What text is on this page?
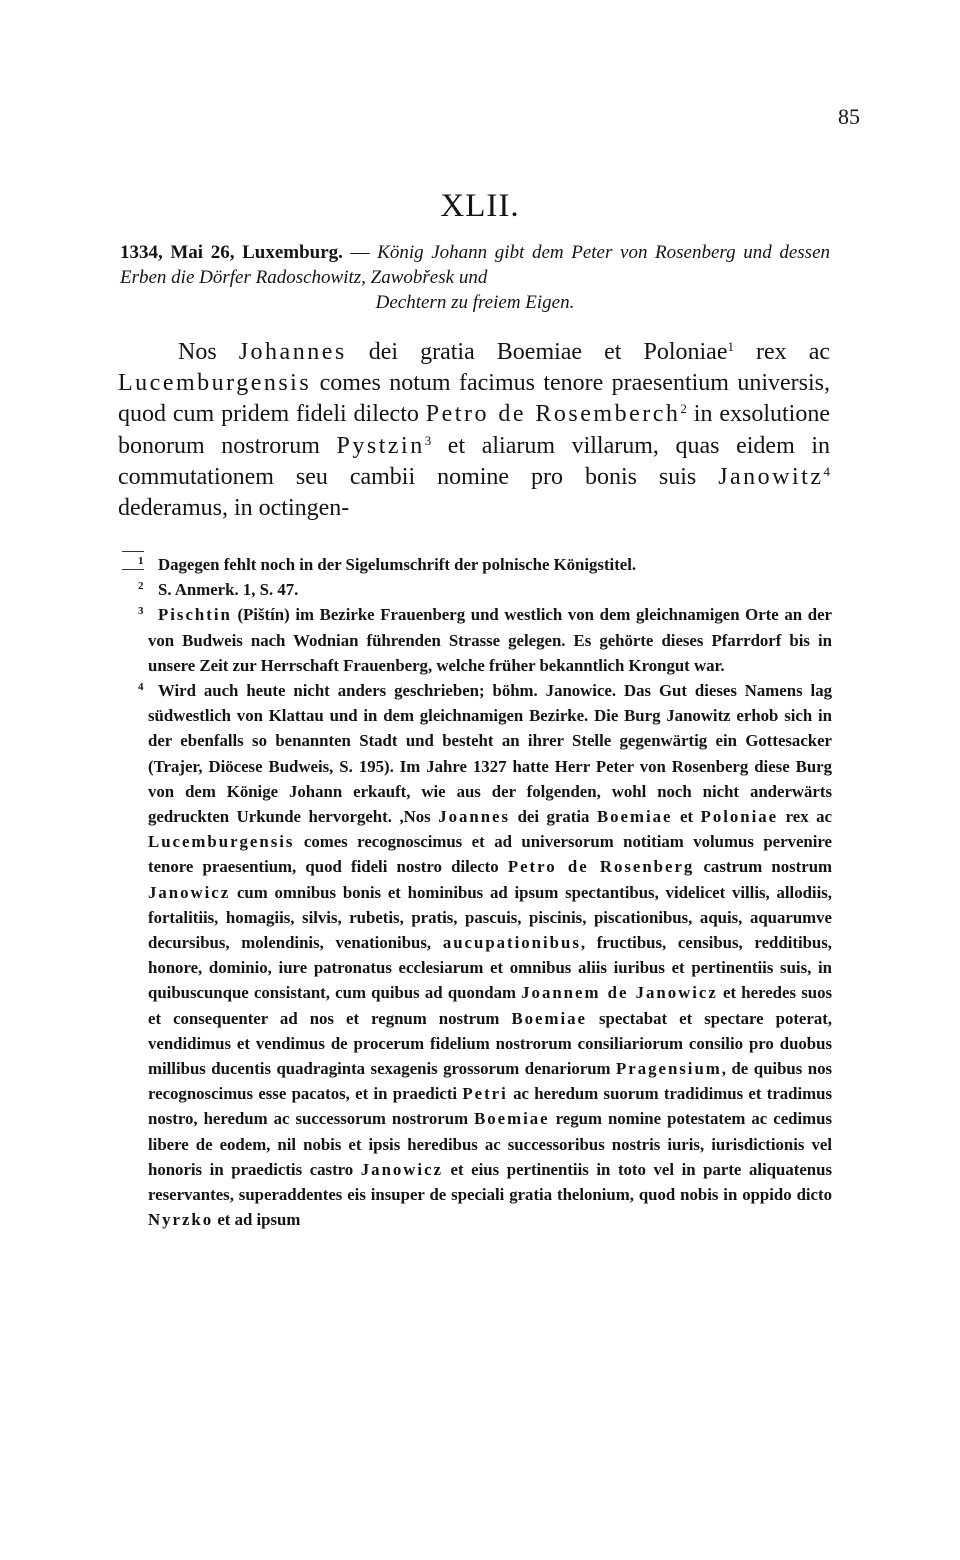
85
XLII.
1334, Mai 26, Luxemburg. — König Johann gibt dem Peter von Rosenberg und dessen Erben die Dörfer Radoschowitz, Zawobřesk und
Dechtern zu freiem Eigen.
Nos Johannes dei gratia Boemiae et Poloniae$^1$ rex ac Lucemburgensis comes notum facimus tenore praesentium universis, quod cum pridem fideli dilecto Petro de Rosemberch$^2$ in exsolutione bonorum nostrorum Pystzin$^3$ et aliarum villarum, quas eidem in commutationem seu cambii nomine pro bonis suis Janowitz$^4$ dederamus, in octingen-
1 Dagegen fehlt noch in der Sigelumschrift der polnische Königstitel.

2 S. Anmerk. 1, S. 47.

3 Pischtin (Pištín) im Bezirke Frauenberg und westlich von dem gleichnamigen Orte an der von Budweis nach Wodnian führenden Strasse gelegen. Es gehörte dieses Pfarrdorf bis in unsere Zeit zur Herrschaft Frauenberg, welche früher bekanntlich Krongut war.

4 Wird auch heute nicht anders geschrieben; böhm. Janowice. Das Gut dieses Namens lag südwestlich von Klattau und in dem gleichnamigen Bezirke. Die Burg Janowitz erhob sich in der ebenfalls so benannten Stadt und besteht an ihrer Stelle gegenwärtig ein Gottesacker (Trajer, Diöcese Budweis, S. 195). Im Jahre 1327 hatte Herr Peter von Rosenberg diese Burg von dem Könige Johann erkauft, wie aus der folgenden, wohl noch nicht anderwärts gedruckten Urkunde hervorgeht. ,Nos Joannes dei gratia Boemiae et Poloniae rex ac Lucemburgensis comes recognoscimus et ad universorum notitiam volumus pervenire tenore praesentium, quod fideli nostro dilecto Petro de Rosenberg castrum nostrum Janowicz cum omnibus bonis et hominibus ad ipsum spectantibus, videlicet villis, allodiis, fortalitiis, homagiis, silvis, rubetis, pratis, pascuis, piscinis, piscationibus, aquis, aquarumve decursibus, molendinis, venationibus, aucupationibus, fructibus, censibus, redditibus, honore, dominio, iure patronatus ecclesiarum et omnibus aliis iuribus et pertinentiis suis, in quibuscunque consistant, cum quibus ad quondam Joannem de Janowicz et heredes suos et consequenter ad nos et regnum nostrum Boemiae spectabat et spectare poterat, vendidimus et vendimus de procerum fidelium nostrorum consiliariorum consilio pro duobus millibus ducentis quadraginta sexagenis grossorum denariorum Pragensium, de quibus nos recognoscimus esse pacatos, et in praedicti Petri ac heredum suorum tradidimus et tradimus nostro, heredum ac successorum nostrorum Boemiae regum nomine potestatem ac cedimus libere de eodem, nil nobis et ipsis heredibus ac successoribus nostris iuris, iurisdictionis vel honoris in praedictis castro Janowicz et eius pertinentiis in toto vel in parte aliquatenus reservantes, superaddentes eis insuper de speciali gratia thelonium, quod nobis in oppido dicto Nyrzko et ad ipsum
